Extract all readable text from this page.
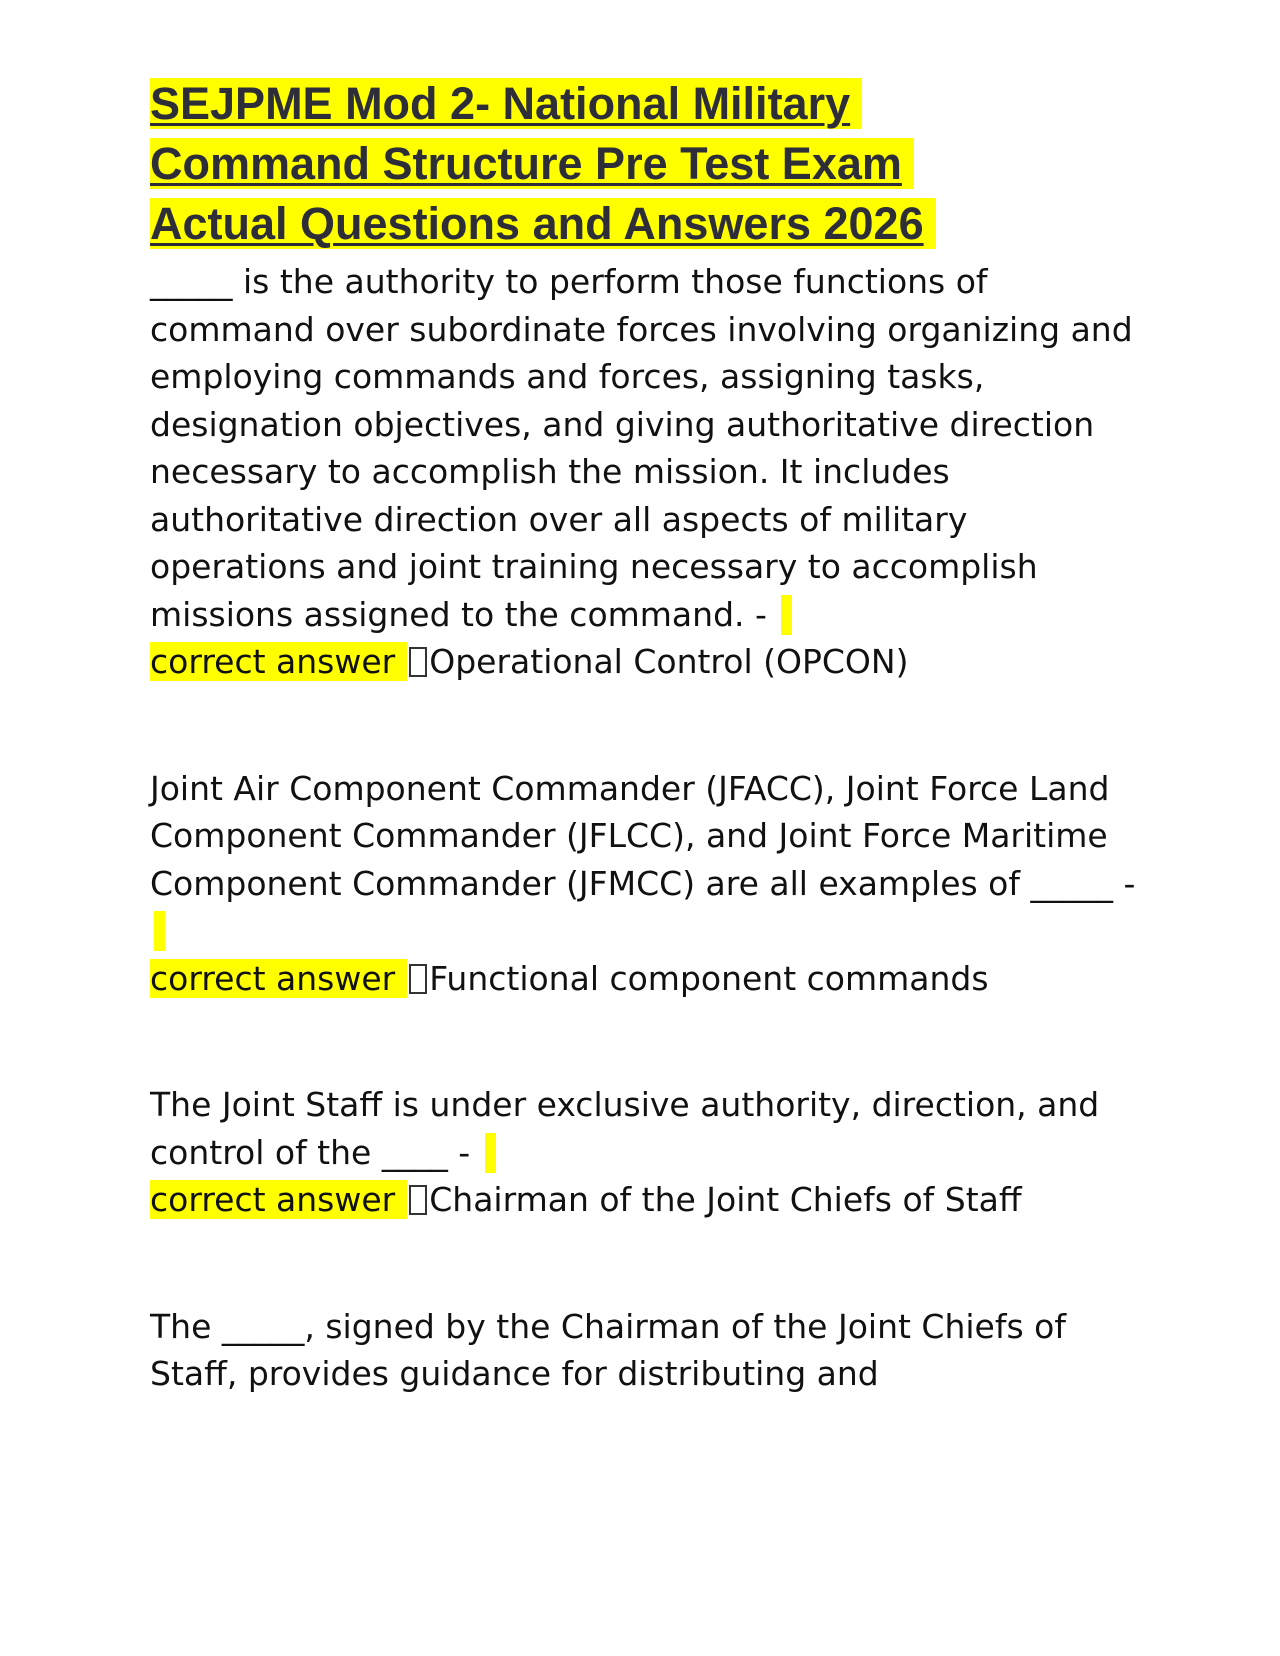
SEJPME Mod 2- National Military
Command Structure Pre Test Exam
Actual Questions and Answers 2026

_____ is the authority to perform those functions of command over subordinate forces involving organizing and employing commands and forces, assigning tasks, designation objectives, and giving authoritative direction necessary to accomplish the mission. It includes authoritative direction over all aspects of military operations and joint training necessary to accomplish missions assigned to the command. -

correct answer Operational Control (OPCON)

Joint Air Component Commander (JFACC), Joint Force Land Component Commander (JFLCC), and Joint Force Maritime Component Commander (JFMCC) are all examples of _____ -

correct answer Functional component commands

The Joint Staff is under exclusive authority, direction, and control of the ____ -

correct answer Chairman of the Joint Chiefs of Staff

The _____, signed by the Chairman of the Joint Chiefs of Staff, provides guidance for distributing and
